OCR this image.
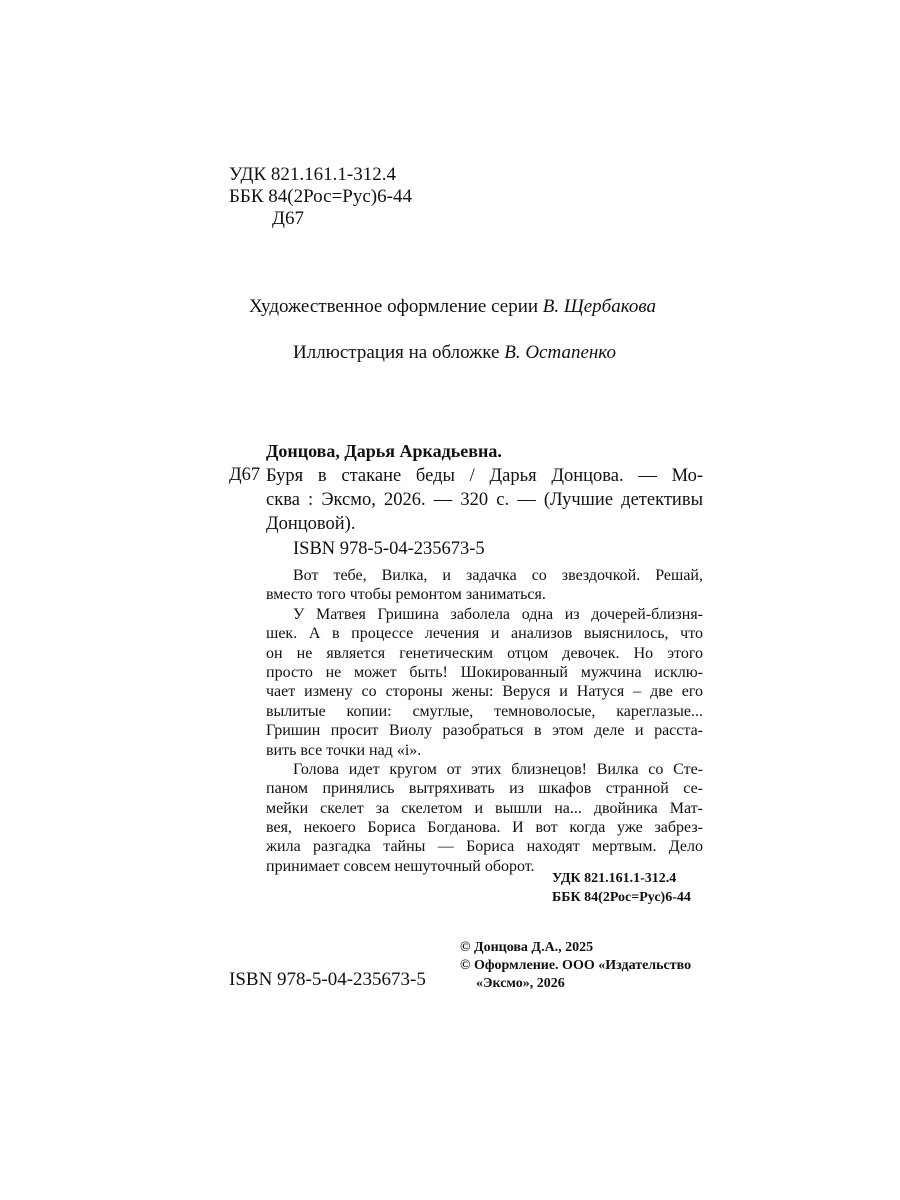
УДК 821.161.1-312.4
ББК 84(2Рос=Рус)6-44
Д67
Художественное оформление серии В. Щербакова
Иллюстрация на обложке В. Остапенко
Донцова, Дарья Аркадьевна.
Д67 Буря в стакане беды / Дарья Донцова. — Мо-
сква : Эксмо, 2026. — 320 с. — (Лучшие детективы
Донцовой).
ISBN 978-5-04-235673-5
Вот тебе, Вилка, и задачка со звездочкой. Решай,
вместо того чтобы ремонтом заниматься.
У Матвея Гришина заболела одна из дочерей-близня-
шек. А в процессе лечения и анализов выяснилось, что
он не является генетическим отцом девочек. Но этого
просто не может быть! Шокированный мужчина исклю-
чает измену со стороны жены: Веруся и Натуся – две его
вылитые копии: смуглые, темноволосые, кареглазые...
Гришин просит Виолу разобраться в этом деле и расста-
вить все точки над «i».
Голова идет кругом от этих близнецов! Вилка со Сте-
паном принялись вытряхивать из шкафов странной се-
мейки скелет за скелетом и вышли на... двойника Мат-
вея, некоего Бориса Богданова. И вот когда уже забрез-
жила разгадка тайны — Бориса находят мертвым. Дело
принимает совсем нешуточный оборот.
УДК 821.161.1-312.4
ББК 84(2Рос=Рус)6-44
© Донцова Д.А., 2025
© Оформление. ООО «Издательство
«Эксмо», 2026
ISBN 978-5-04-235673-5
